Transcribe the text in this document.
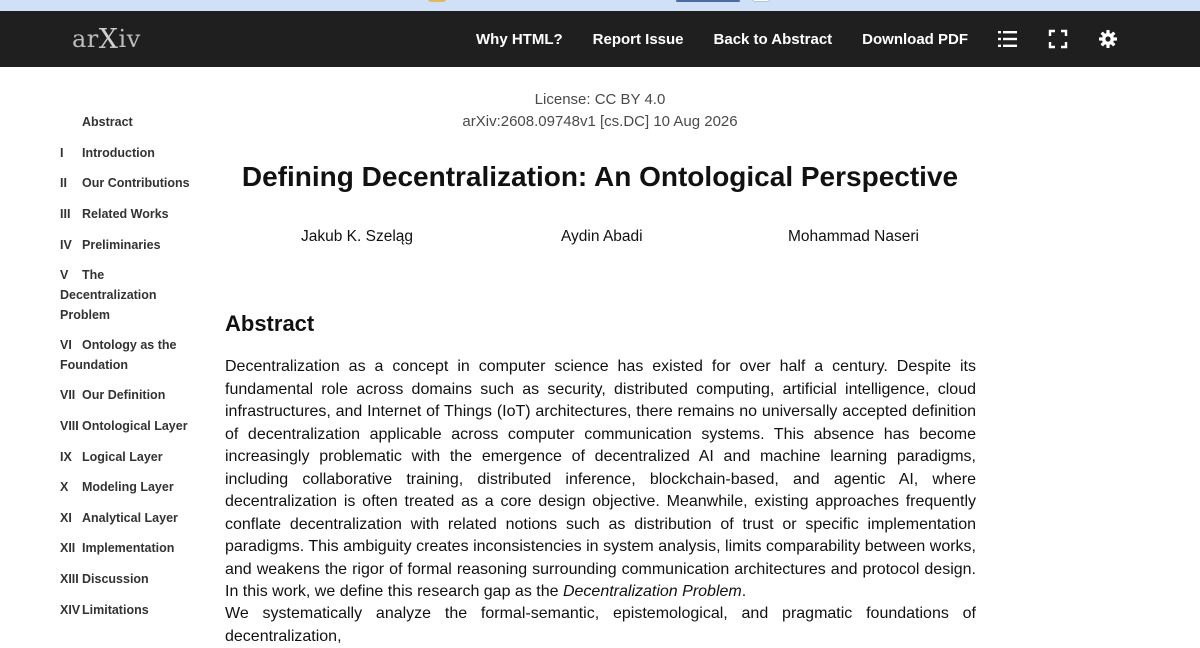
ar X iv	Why HTML? Report Issue Back to Abstract Download PDF
Abstract
I Introduction
II Our Contributions
III Related Works
IV Preliminaries
V The Decentralization Problem
VI Ontology as the Foundation
VII Our Definition
VIII Ontological Layer
IX Logical Layer
X Modeling Layer
XI Analytical Layer
XII Implementation
XIII Discussion
XIV Limitations
License: CC BY 4.0
arXiv:2608.09748v1 [cs.DC] 10 Aug 2026
Defining Decentralization: An Ontological Perspective
Jakub K. Szeląg	Aydin Abadi	Mohammad Naseri
Abstract

Decentralization as a concept in computer science has existed for over half a century. Despite its fundamental role across domains such as security, distributed computing, artificial intelligence, cloud infrastructures, and Internet of Things (IoT) architectures, there remains no universally accepted definition of decentralization applicable across computer communication systems. This absence has become increasingly problematic with the emergence of decentralized AI and machine learning paradigms, including collaborative training, distributed inference, blockchain-based, and agentic AI, where decentralization is often treated as a core design objective. Meanwhile, existing approaches frequently conflate decentralization with related notions such as distribution of trust or specific implementation paradigms. This ambiguity creates inconsistencies in system analysis, limits comparability between works, and weakens the rigor of formal reasoning surrounding communication architectures and protocol design. In this work, we define this research gap as the Decentralization Problem.

We systematically analyze the formal-semantic, epistemological, and pragmatic foundations of decentralization,
